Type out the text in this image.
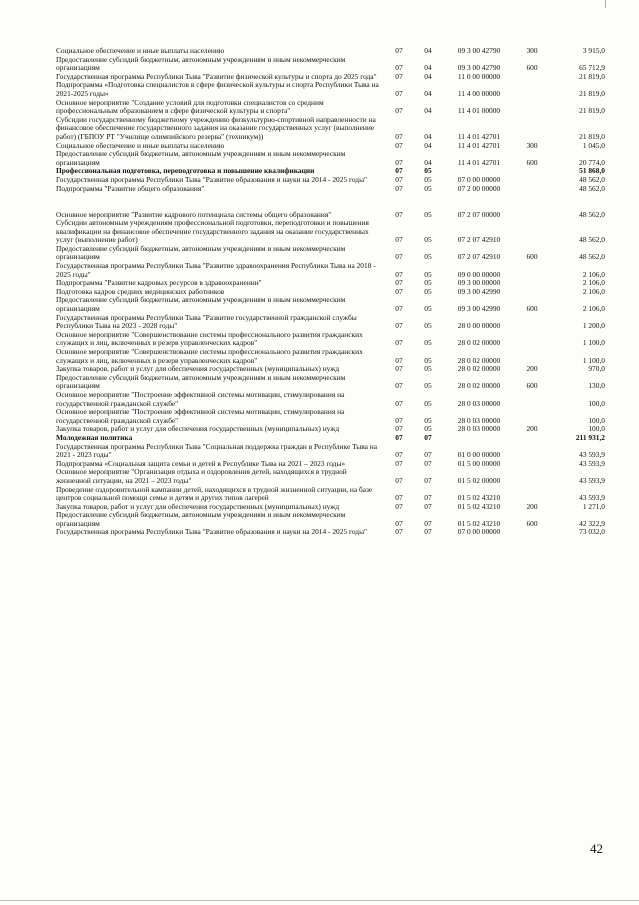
Социальное обеспечение и иные выплаты населению	07	04	09 3 00 42790	300	3 915,0
Предоставление субсидий бюджетным, автономным учреждениям и иным некоммерческим организациям	07	04	09 3 00 42790	600	65 712,9
Государственная программа Республики Тыва "Развитие физической культуры и спорта до 2025 года"	07	04	11 0 00 00000		21 819,0
Подпрограмма «Подготовка специалистов в сфере физической культуры и спорта Республики Тыва на 2021-2025 годы»	07	04	11 4 00 00000		21 819,0
Основное мероприятие "Создание условий для подготовки специалистов со средним профессиональным образованием в сфере физической культуры и спорта"	07	04	11 4 01 00000		21 819,0
Субсидии государственному бюджетному учреждению физкультурно-спортивной направленности на финансовое обеспечение государственного задания на оказание государственных услуг (выполнение работ) (ГБПОУ РТ "Училище олимпийского резерва" (техникум))	07	04	11 4 01 42701		21 819,0
Социальное обеспечение и иные выплаты населению	07	04	11 4 01 42701	300	1 045,0
Предоставление субсидий бюджетным, автономным учреждениям и иным некоммерческим организациям	07	04	11 4 01 42701	600	20 774,0
Профессиональная подготовка, переподготовка и повышение квалификации	07	05			51 868,0
Государственная программа Республики Тыва "Развитие образования и науки на 2014 - 2025 годы"	07	05	07 0 00 00000		48 562,0
Подпрограмма "Развитие общего образования"	07	05	07 2 00 00000		48 562,0
Основное мероприятие "Развитие кадрового потенциала системы общего образования"	07	05	07 2 07 00000		48 562,0
Субсидии автономным учреждениям профессиональной подготовки, переподготовки и повышения квалификации на финансовое обеспечение государственного задания на оказание государственных услуг (выполнение работ)	07	05	07 2 07 42910		48 562,0
Предоставление субсидий бюджетным, автономным учреждениям и иным некоммерческим организациям	07	05	07 2 07 42910	600	48 562,0
Государственная программа Республики Тыва "Развитие здравоохранения Республики Тыва на 2018 - 2025 годы"	07	05	09 0 00 00000		2 106,0
Подпрограмма "Развитие кадровых ресурсов в здравоохранении"	07	05	09 3 00 00000		2 106,0
Подготовка кадров средних медицинских работников	07	05	09 3 00 42990		2 106,0
Предоставление субсидий бюджетным, автономным учреждениям и иным некоммерческим организациям	07	05	09 3 00 42990	600	2 106,0
Государственная программа Республики Тыва "Развитие государственной гражданской службы Республики Тыва на 2023 - 2028 годы"	07	05	28 0 00 00000		1 200,0
Основное мероприятие "Совершенствование системы профессионального развития гражданских служащих и лиц, включенных в резерв управленческих кадров"	07	05	28 0 02 00000		1 100,0
Основное мероприятие "Совершенствование системы профессионального развития гражданских служащих и лиц, включенных в резерв управленческих кадров"	07	05	28 0 02 00000		1 100,0
Закупка товаров, работ и услуг для обеспечения государственных (муниципальных) нужд	07	05	28 0 02 00000	200	970,0
Предоставление субсидий бюджетным, автономным учреждениям и иным некоммерческим организациям	07	05	28 0 02 00000	600	130,0
Основное мероприятие "Построение эффективной системы мотивации, стимулирования на государственной гражданской службе"	07	05	28 0 03 00000		100,0
Основное мероприятие "Построение эффективной системы мотивации, стимулирования на государственной гражданской службе"	07	05	28 0 03 00000		100,0
Закупка товаров, работ и услуг для обеспечения государственных (муниципальных) нужд	07	05	28 0 03 00000	200	100,0
Молодежная политика	07	07			211 931,2
Государственная программа Республики Тыва "Социальная поддержка граждан в Республике Тыва на 2021 - 2023 годы"	07	07	01 0 00 00000		43 593,9
Подпрограмма «Социальная защита семьи и детей в Республике Тыва на 2021 – 2023 годы»	07	07	01 5 00 00000		43 593,9
Основное мероприятие "Организация отдыха и оздоровления детей, находящихся в трудной жизненной ситуации, на 2021 – 2023 годы"	07	07	01 5 02 00000		43 593,9
Проведение оздоровительной кампании детей, находящихся в трудной жизненной ситуации, на базе центров социальной помощи семье и детям и других типов лагерей	07	07	01 5 02 43210		43 593,9
Закупка товаров, работ и услуг для обеспечения государственных (муниципальных) нужд	07	07	01 5 02 43210	200	1 271,0
Предоставление субсидий бюджетным, автономным учреждениям и иным некоммерческим организациям	07	07	01 5 02 43210	600	42 322,9
Государственная программа Республики Тыва "Развитие образования и науки на 2014 - 2025 годы"	07	07	07 0 00 00000		73 032,0
42
